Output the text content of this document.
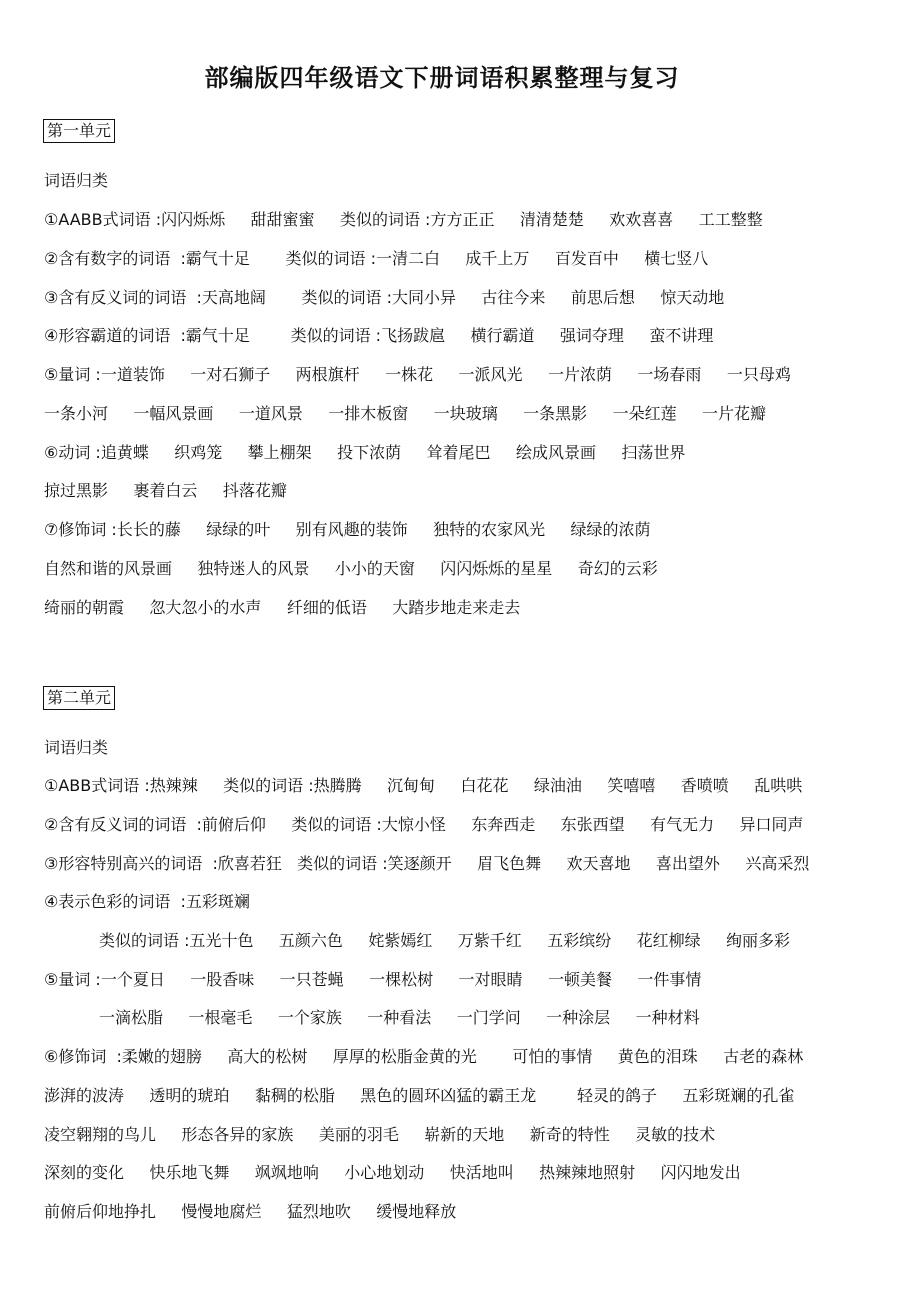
部编版四年级语文下册词语积累整理与复习
第一单元
词语归类
①AABB式词语 :闪闪烁烁     甜甜蜜蜜     类似的词语 :方方正正     清清楚楚     欢欢喜喜     工工整整
②含有数字的词语  :霸气十足       类似的词语 :一清二白     成千上万     百发百中     横七竖八
③含有反义词的词语  :天高地阔       类似的词语 :大同小异     古往今来     前思后想     惊天动地
④形容霸道的词语  :霸气十足        类似的词语 :飞扬跋扈     横行霸道     强词夺理     蛮不讲理
⑤量词 :一道装饰     一对石狮子     两根旗杆     一株花     一派风光     一片浓荫     一场春雨     一只母鸡
一条小河     一幅风景画     一道风景     一排木板窗     一块玻璃     一条黑影     一朵红莲     一片花瓣
⑥动词 :追黄蝶     织鸡笼     攀上棚架     投下浓荫     耸着尾巴     绘成风景画     扫荡世界
掠过黑影     裹着白云     抖落花瓣
⑦修饰词 :长长的藤     绿绿的叶     别有风趣的装饰     独特的农家风光     绿绿的浓荫
自然和谐的风景画     独特迷人的风景     小小的天窗     闪闪烁烁的星星     奇幻的云彩
绮丽的朝霞     忽大忽小的水声     纤细的低语     大踏步地走来走去
第二单元
词语归类
①ABB式词语 :热辣辣     类似的词语 :热腾腾     沉甸甸     白花花     绿油油     笑嘻嘻     香喷喷     乱哄哄
②含有反义词的词语  :前俯后仰     类似的词语 :大惊小怪     东奔西走     东张西望     有气无力     异口同声
③形容特别高兴的词语  :欣喜若狂   类似的词语 :笑逐颜开     眉飞色舞     欢天喜地     喜出望外     兴高采烈
④表示色彩的词语  :五彩斑斓
类似的词语 :五光十色     五颜六色     姹紫嫣红     万紫千红     五彩缤纷     花红柳绿     绚丽多彩
⑤量词 :一个夏日     一股香味     一只苍蝇     一棵松树     一对眼睛     一顿美餐     一件事情
一滴松脂     一根毫毛     一个家族     一种看法     一门学问     一种涂层     一种材料
⑥修饰词  :柔嫩的翅膀     高大的松树     厚厚的松脂金黄的光       可怕的事情     黄色的泪珠     古老的森林
澎湃的波涛     透明的琥珀     黏稠的松脂     黑色的圆环凶猛的霸王龙        轻灵的鸽子     五彩斑斓的孔雀
凌空翱翔的鸟儿     形态各异的家族     美丽的羽毛     崭新的天地     新奇的特性     灵敏的技术
深刻的变化     快乐地飞舞     飒飒地响     小心地划动     快活地叫     热辣辣地照射     闪闪地发出
前俯后仰地挣扎     慢慢地腐烂     猛烈地吹     缓慢地释放
